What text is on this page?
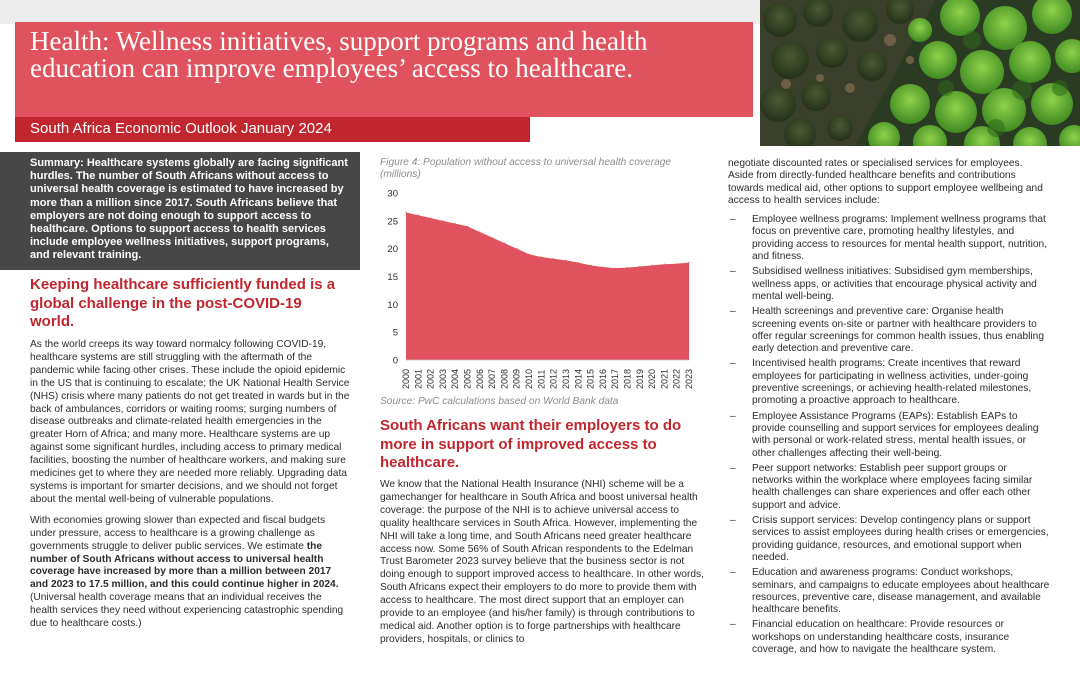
Health: Wellness initiatives, support programs and health education can improve employees’ access to healthcare.
South Africa Economic Outlook January 2024

Summary: Healthcare systems globally are facing significant hurdles. The number of South Africans without access to universal health coverage is estimated to have increased by more than a million since 2017. South Africans believe that employers are not doing enough to support access to healthcare. Options to support access to health services include employee wellness initiatives, support programs, and relevant training.

Keeping healthcare sufficiently funded is a global challenge in the post-COVID-19 world.

As the world creeps its way toward normalcy following COVID-19, healthcare systems are still struggling with the aftermath of the pandemic while facing other crises. These include the opioid epidemic in the US that is continuing to escalate; the UK National Health Service (NHS) crisis where many patients do not get treated in wards but in the back of ambulances, corridors or waiting rooms; surging numbers of disease outbreaks and climate-related health emergencies in the greater Horn of Africa; and many more. Healthcare systems are up against some significant hurdles, including access to primary medical facilities, boosting the number of healthcare workers, and making sure medicines get to where they are needed more reliably. Upgrading data systems is important for smarter decisions, and we should not forget about the mental well-being of vulnerable populations.

With economies growing slower than expected and fiscal budgets under pressure, access to healthcare is a growing challenge as governments struggle to deliver public services. We estimate the number of South Africans without access to universal health coverage have increased by more than a million between 2017 and 2023 to 17.5 million, and this could continue higher in 2024. (Universal health coverage means that an individual receives the health services they need without experiencing catastrophic spending due to healthcare costs.)

Figure 4: Population without access to universal health coverage (millions)
0
5
10
15
20
25
30
2000 2001 2002 2003 2004 2005 2006 2007 2008 2009 2010 2011 2012 2013 2014 2015 2016 2017 2018 2019 2020 2021 2022 2023
Source: PwC calculations based on World Bank data
South Africans want their employers to do more in support of improved access to healthcare.

We know that the National Health Insurance (NHI) scheme will be a gamechanger for healthcare in South Africa and boost universal health coverage: the purpose of the NHI is to achieve universal access to quality healthcare services in South Africa. However, implementing the NHI will take a long time, and South Africans need greater healthcare access now. Some 56% of South African respondents to the Edelman Trust Barometer 2023 survey believe that the business sector is not doing enough to support improved access to healthcare. In other words, South Africans expect their employers to do more to provide them with access to healthcare. The most direct support that an employer can provide to an employee (and his/her family) is through contributions to medical aid. Another option is to forge partnerships with healthcare providers, hospitals, or clinics to

negotiate discounted rates or specialised services for employees. Aside from directly-funded healthcare benefits and contributions towards medical aid, other options to support employee wellbeing and access to health services include:

– Employee wellness programs: Implement wellness programs that focus on preventive care, promoting healthy lifestyles, and providing access to resources for mental health support, nutrition, and fitness.
– Subsidised wellness initiatives: Subsidised gym memberships, wellness apps, or activities that encourage physical activity and mental well-being.
– Health screenings and preventive care: Organise health screening events on-site or partner with healthcare providers to offer regular screenings for common health issues, thus enabling early detection and preventive care.
– Incentivised health programs: Create incentives that reward employees for participating in wellness activities, under-going preventive screenings, or achieving health-related milestones, promoting a proactive approach to healthcare.
– Employee Assistance Programs (EAPs): Establish EAPs to provide counselling and support services for employees dealing with personal or work-related stress, mental health issues, or other challenges affecting their well-being.
– Peer support networks: Establish peer support groups or networks within the workplace where employees facing similar health challenges can share experiences and offer each other support and advice.
– Crisis support services: Develop contingency plans or support services to assist employees during health crises or emergencies, providing guidance, resources, and emotional support when needed.
– Education and awareness programs: Conduct workshops, seminars, and campaigns to educate employees about healthcare resources, preventive care, disease management, and available healthcare benefits.
– Financial education on healthcare: Provide resources or workshops on understanding healthcare costs, insurance coverage, and how to navigate the healthcare system.
